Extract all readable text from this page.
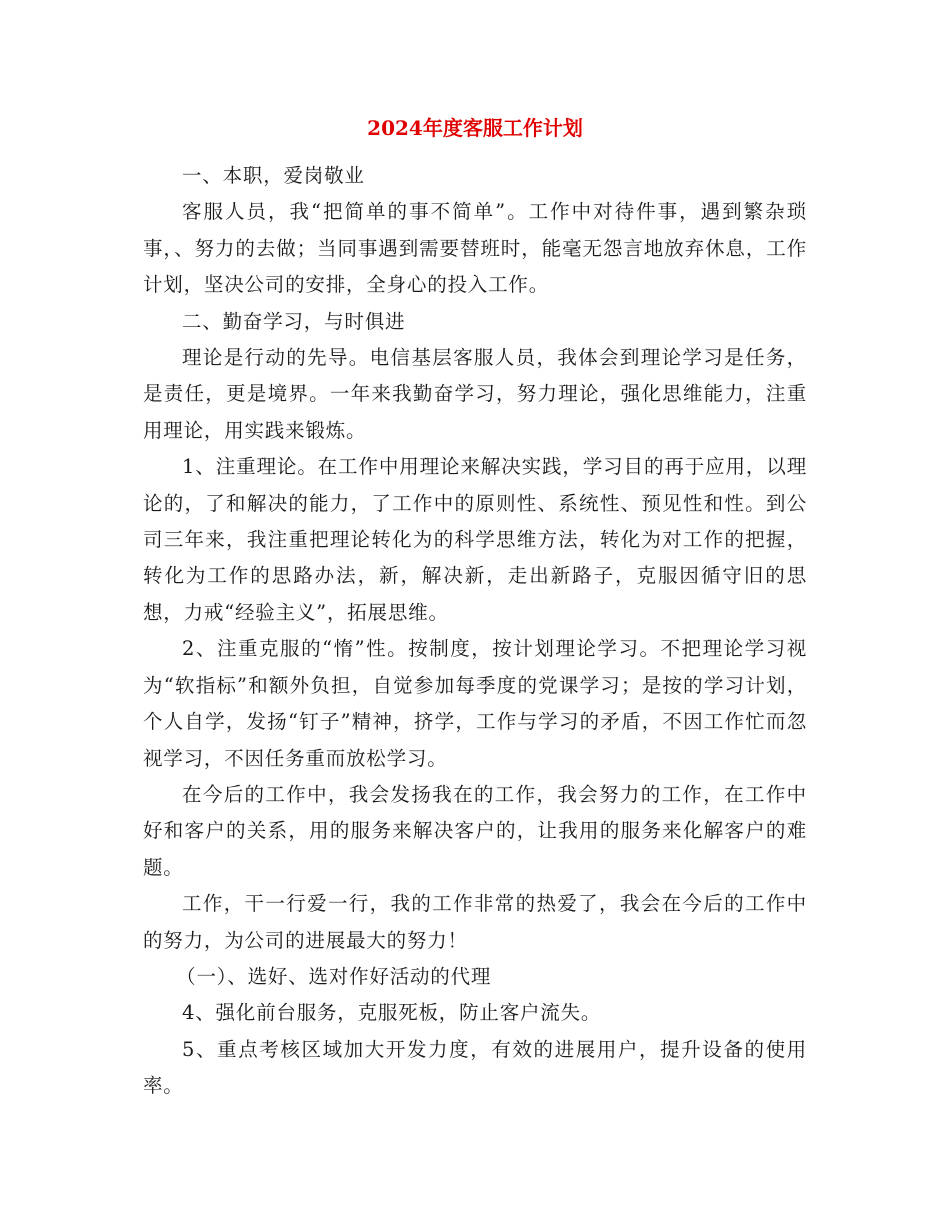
2024年度客服工作计划

一、本职，爱岗敬业

客服人员，我“把简单的事不简单”。工作中对待件事，遇到繁杂琐事，、努力的去做；当同事遇到需要替班时，能毫无怨言地放弃休息，工作计划，坚决公司的安排，全身心的投入工作。

二、勤奋学习，与时俱进

理论是行动的先导。电信基层客服人员，我体会到理论学习是任务，是责任，更是境界。一年来我勤奋学习，努力理论，强化思维能力，注重用理论，用实践来锻炼。

1、注重理论。在工作中用理论来解决实践，学习目的再于应用，以理论的，了和解决的能力，了工作中的原则性、系统性、预见性和性。到公司三年来，我注重把理论转化为的科学思维方法，转化为对工作的把握，转化为工作的思路办法，新，解决新，走出新路子，克服因循守旧的思想，力戒“经验主义”，拓展思维。

2、注重克服的“惰”性。按制度，按计划理论学习。不把理论学习视为“软指标”和额外负担，自觉参加每季度的党课学习；是按的学习计划，个人自学，发扬“钉子”精神，挤学，工作与学习的矛盾，不因工作忙而忽视学习，不因任务重而放松学习。

在今后的工作中，我会发扬我在的工作，我会努力的工作，在工作中好和客户的关系，用的服务来解决客户的，让我用的服务来化解客户的难题。

工作，干一行爱一行，我的工作非常的热爱了，我会在今后的工作中的努力，为公司的进展最大的努力！

（一）、选好、选对作好活动的代理

4、强化前台服务，克服死板，防止客户流失。

5、重点考核区域加大开发力度，有效的进展用户，提升设备的使用率。
